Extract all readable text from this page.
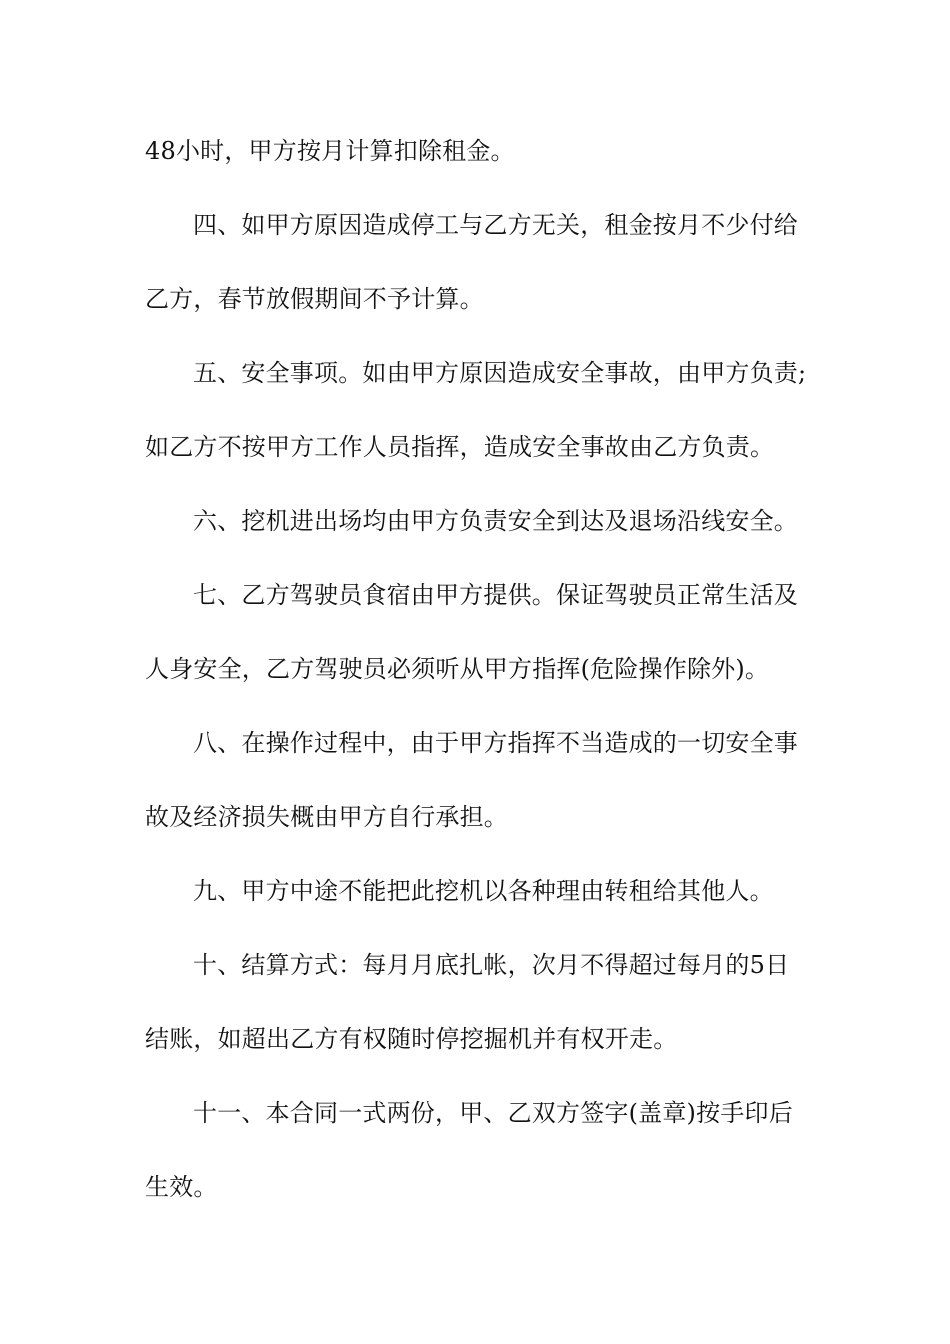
48小时，甲方按月计算扣除租金。
四、如甲方原因造成停工与乙方无关，租金按月不少付给
乙方，春节放假期间不予计算。
五、安全事项。如由甲方原因造成安全事故，由甲方负责;
如乙方不按甲方工作人员指挥，造成安全事故由乙方负责。
六、挖机进出场均由甲方负责安全到达及退场沿线安全。
七、乙方驾驶员食宿由甲方提供。保证驾驶员正常生活及
人身安全，乙方驾驶员必须听从甲方指挥(危险操作除外)。
八、在操作过程中，由于甲方指挥不当造成的一切安全事
故及经济损失概由甲方自行承担。
九、甲方中途不能把此挖机以各种理由转租给其他人。
十、结算方式：每月月底扎帐，次月不得超过每月的5日
结账，如超出乙方有权随时停挖掘机并有权开走。
十一、本合同一式两份，甲、乙双方签字(盖章)按手印后
生效。
